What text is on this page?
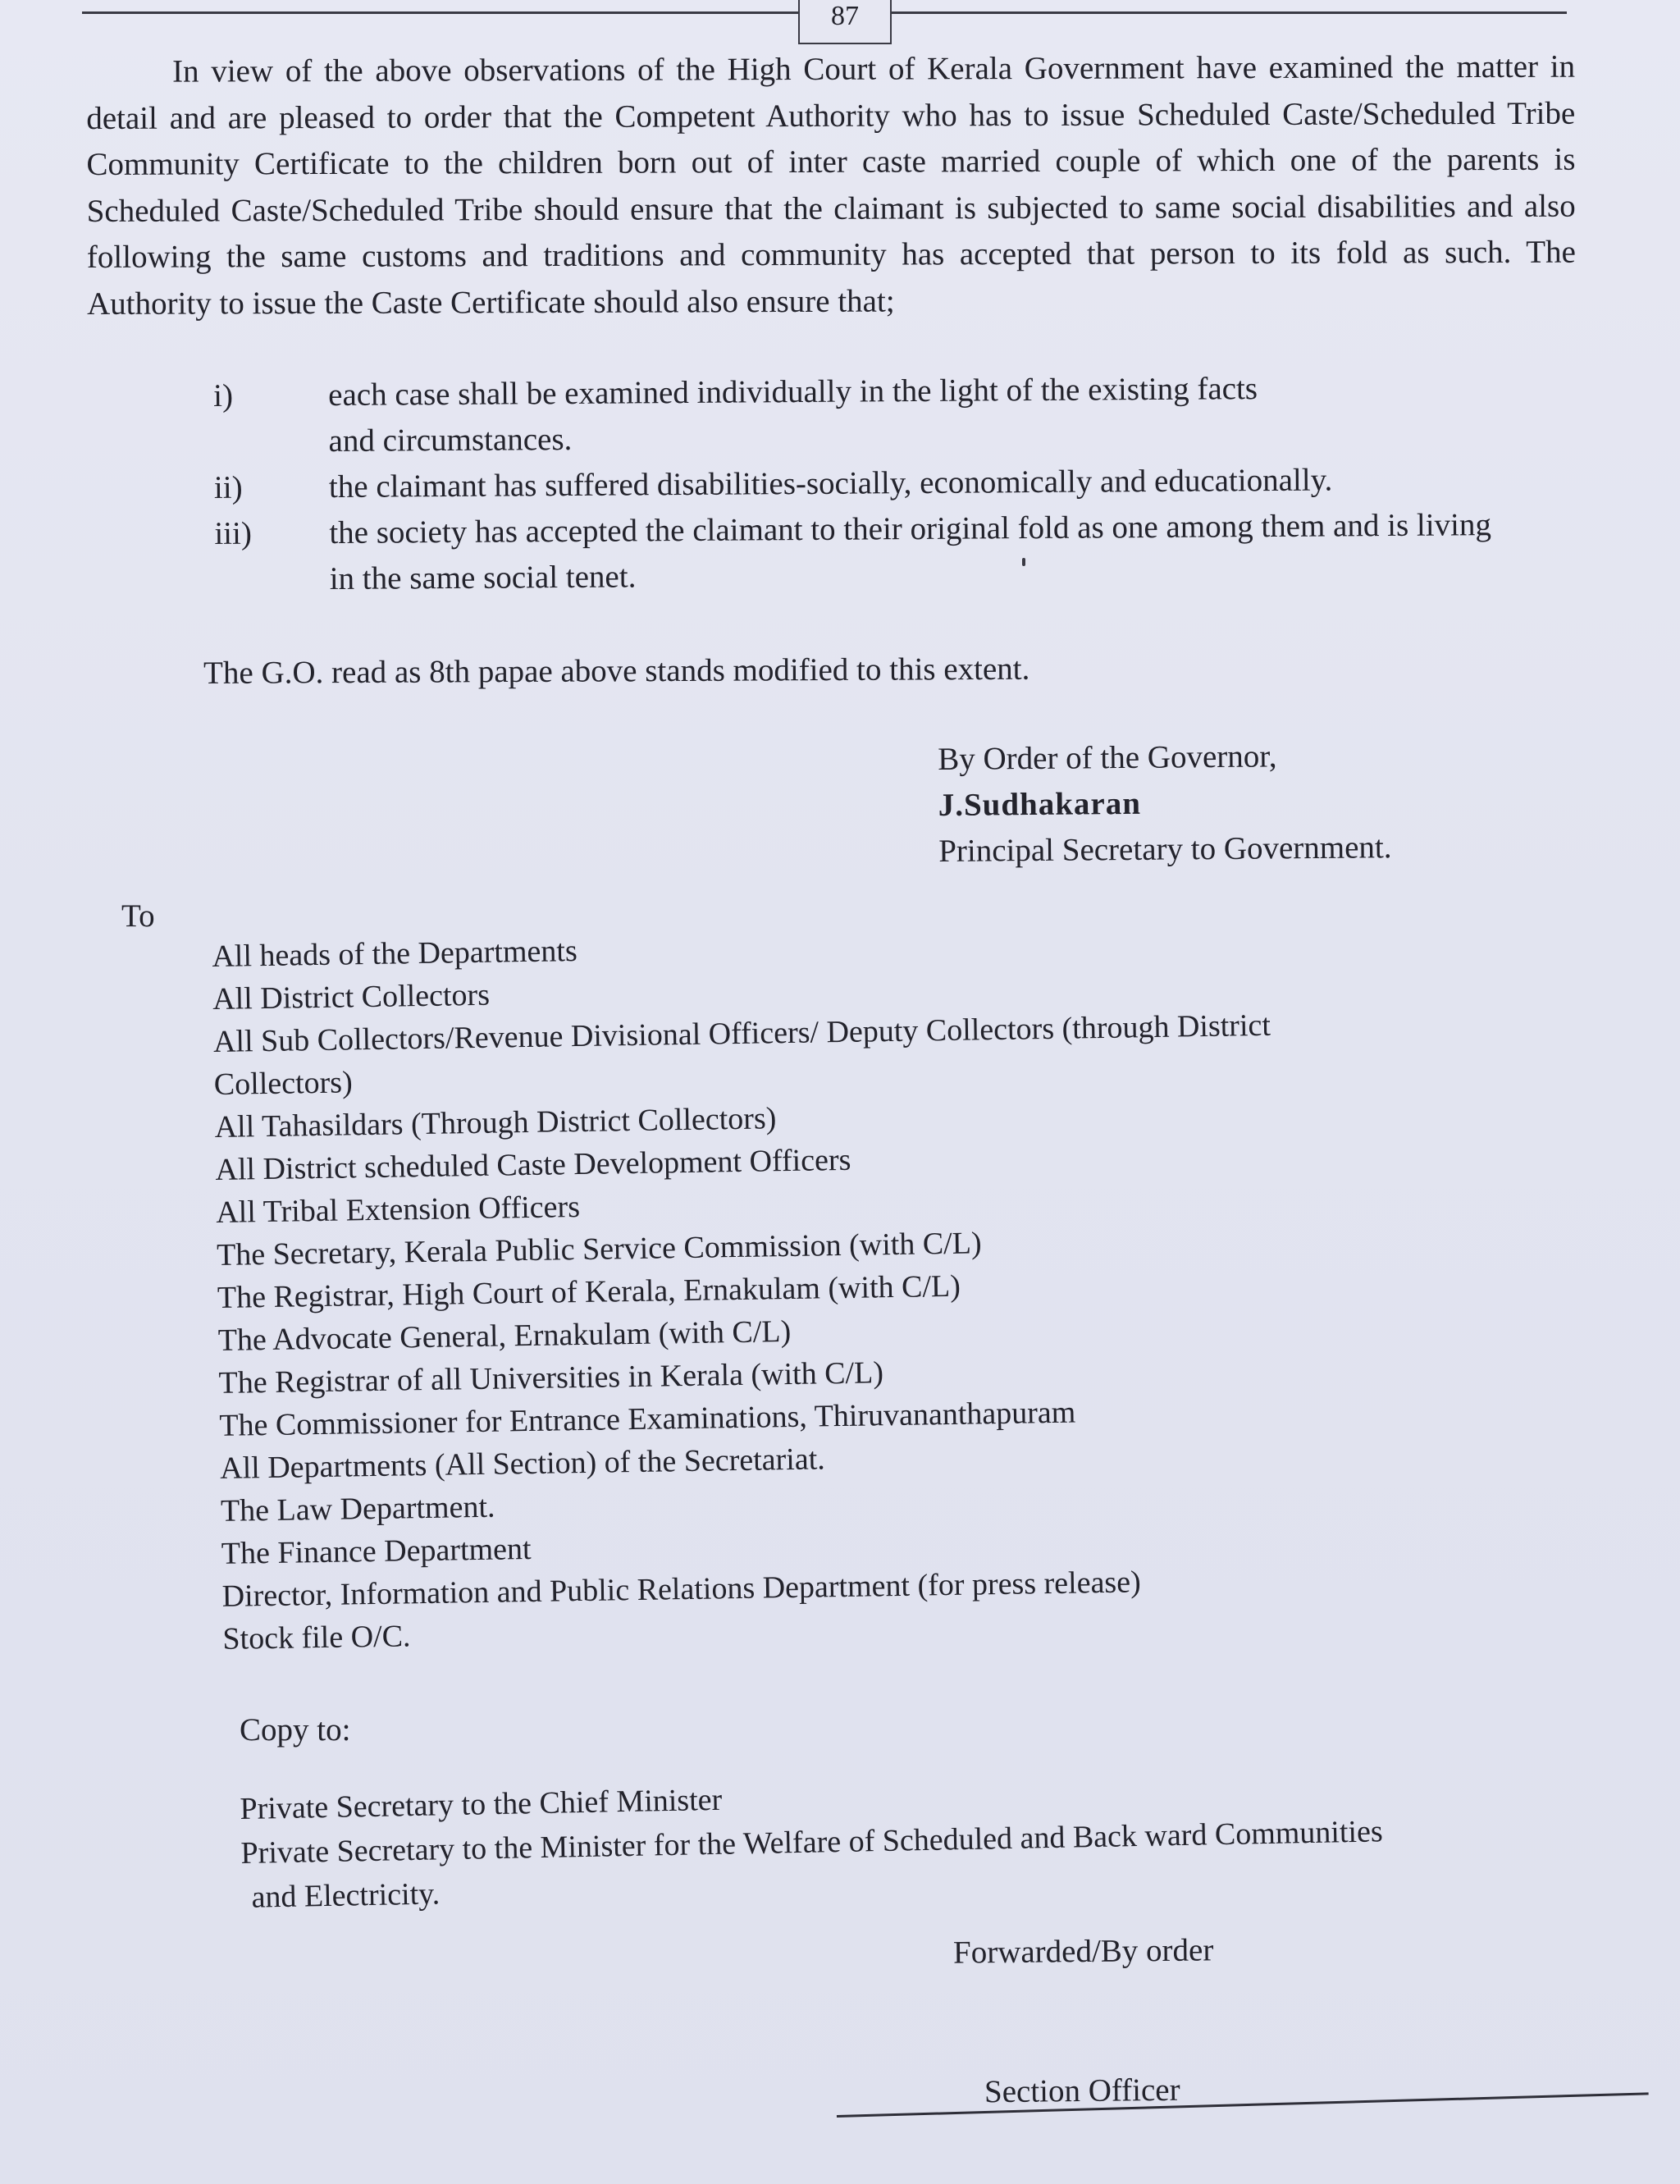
87

In view of the above observations of the High Court of Kerala Government have examined the matter in detail and are pleased to order that the Competent Authority who has to issue Scheduled Caste/Scheduled Tribe Community Certificate to the children born out of inter caste married couple of which one of the parents is Scheduled Caste/Scheduled Tribe should ensure that the claimant is subjected to same social disabilities and also following the same customs and traditions and community has accepted that person to its fold as such. The Authority to issue the Caste Certificate should also ensure that;

i)	each case shall be examined individually in the light of the existing facts
and circumstances.
ii)	the claimant has suffered disabilities-socially, economically and educationally.
iii)	the society has accepted the claimant to their original fold as one among them and is living
in the same social tenet.

The G.O. read as 8th papae above stands modified to this extent.

By Order of the Governor,
J.Sudhakaran
Principal Secretary to Government.

To

All heads of the Departments
All District Collectors
All Sub Collectors/Revenue Divisional Officers/ Deputy Collectors (through District
Collectors)
All Tahasildars (Through District Collectors)
All District scheduled Caste Development Officers
All Tribal Extension Officers
The Secretary, Kerala Public Service Commission (with C/L)
The Registrar, High Court of Kerala, Ernakulam (with C/L)
The Advocate General, Ernakulam (with C/L)
The Registrar of all Universities in Kerala (with C/L)
The Commissioner for Entrance Examinations, Thiruvananthapuram
All Departments (All Section) of the Secretariat.
The Law Department.
The Finance Department
Director, Information and Public Relations Department (for press release)
Stock file O/C.

Copy to:

Private Secretary to the Chief Minister
Private Secretary to the Minister for the Welfare of Scheduled and Back ward Communities
and Electricity.

Forwarded/By order

Section Officer
